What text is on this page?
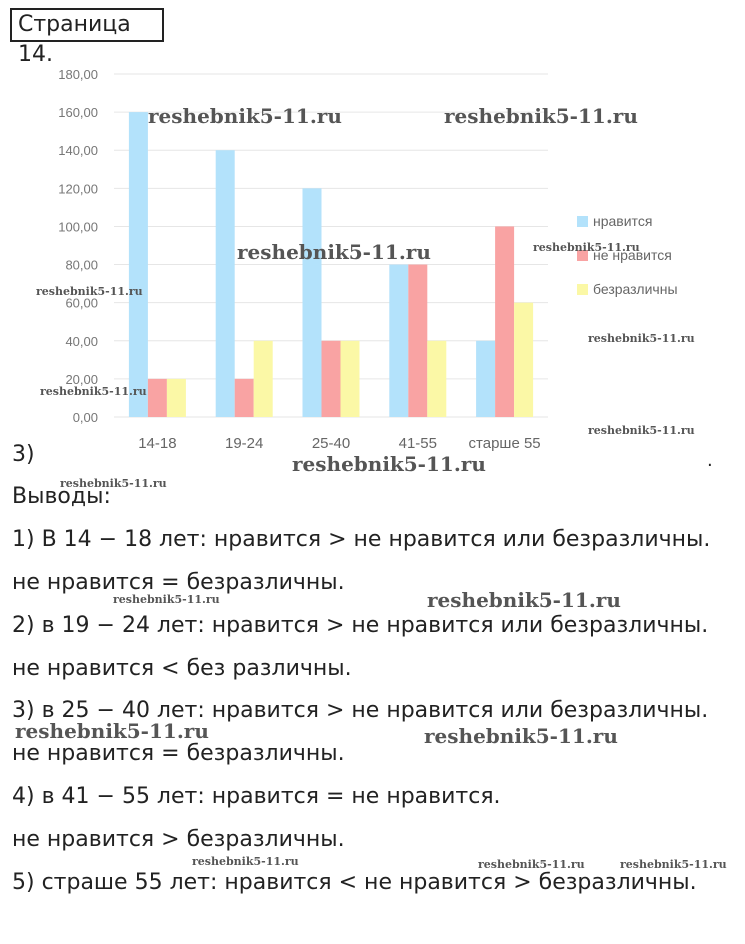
Страница 14.
0,00
20,00
40,00
60,00
80,00
100,00
120,00
140,00
160,00
180,00
14-18	19-24	25-40	41-55 старше 55
нравится
не нравится
безразличны
reshebnik5-11.ru	reshebnik5-11.ru
reshebnik5-11.ru	reshebnik5-11.ru
reshebnik5-11.ru
reshebnik5-11.ru
reshebnik5-11.ru
reshebnik5-11.ru
reshebnik5-11.ru
reshebnik5-11.ru
reshebnik5-11.ru	reshebnik5-11.ru
reshebnik5-11.ru
reshebnik5-11.ru
reshebnik5-11.ru	reshebnik5-11.ru	reshebnik5-11.ru
3)	.
Выводы:
1) В 14 − 18 лет: нравится > не нравится или безразличны.
не нравится = безразличны.
2) в 19 − 24 лет: нравится > не нравится или безразличны.
не нравится < без различны.
3) в 25 − 40 лет: нравится > не нравится или безразличны.
не нравится = безразличны.
4) в 41 − 55 лет: нравится = не нравится.
не нравится > безразличны.
5) страше 55 лет: нравится < не нравится > безразличны.
